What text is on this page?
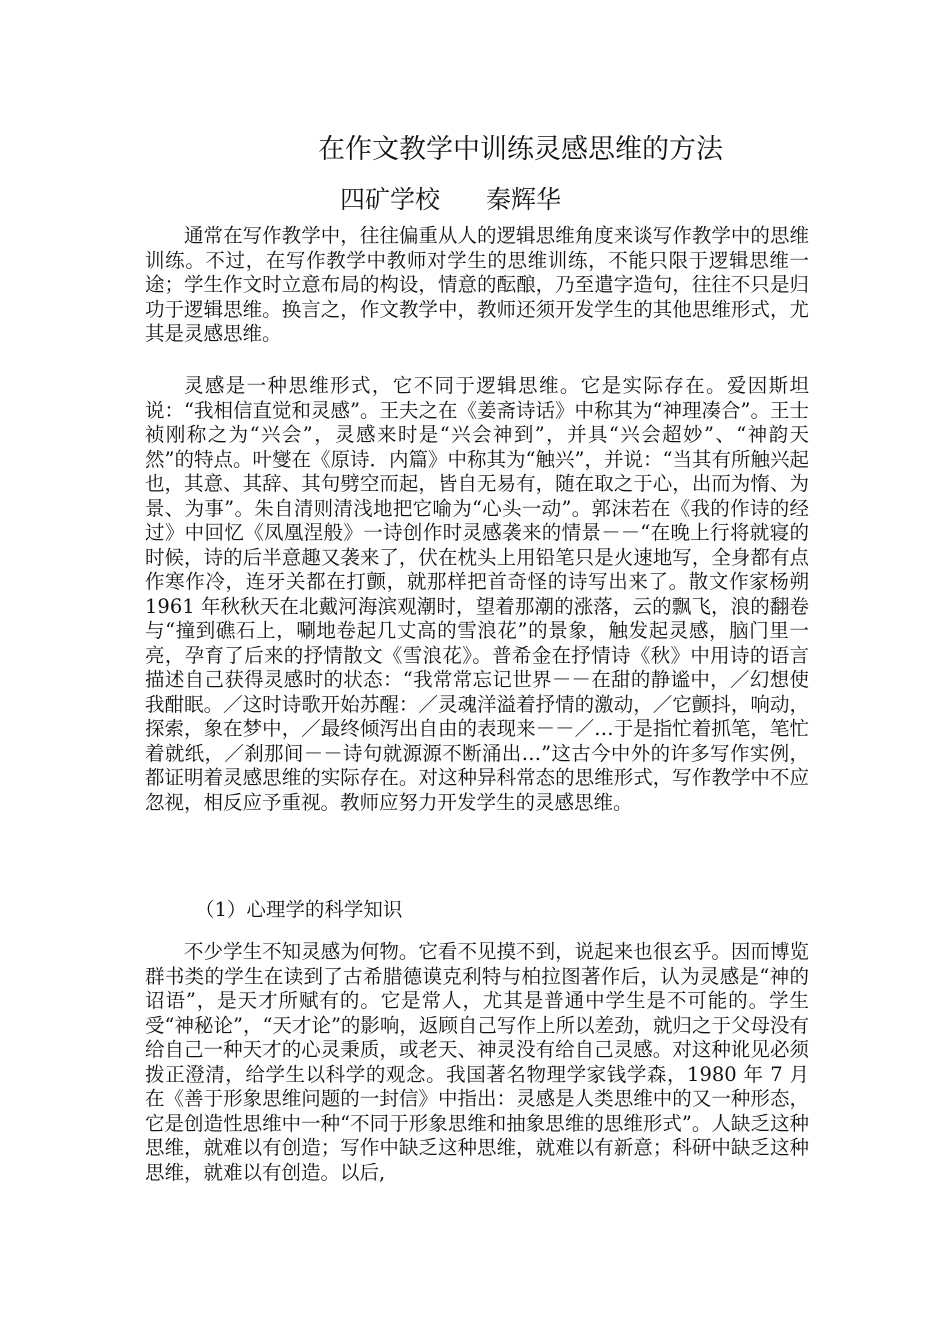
在作文教学中训练灵感思维的方法
四矿学校 秦辉华

通常在写作教学中，往往偏重从人的逻辑思维角度来谈写作教学中的思维训练。不过，在写作教学中教师对学生的思维训练，不能只限于逻辑思维一途；学生作文时立意布局的构设，情意的酝酿，乃至遣字造句，往往不只是归功于逻辑思维。换言之，作文教学中，教师还须开发学生的其他思维形式，尤其是灵感思维。

灵感是一种思维形式，它不同于逻辑思维。它是实际存在。爱因斯坦说：“我相信直觉和灵感”。王夫之在《姜斋诗话》中称其为“神理凑合”。王士祯刚称之为“兴会”，灵感来时是“兴会神到”，并具“兴会超妙”、“神韵天然”的特点。叶燮在《原诗．内篇》中称其为“触兴”，并说：“当其有所触兴起也，其意、其辞、其句劈空而起，皆自无易有，随在取之于心，出而为惰、为景、为事”。朱自清则清浅地把它喻为“心头一动”。郭沫若在《我的作诗的经过》中回忆《凤凰涅般》一诗创作时灵感袭来的情景－－“在晚上行将就寝的时候，诗的后半意趣又袭来了，伏在枕头上用铅笔只是火速地写，全身都有点作寒作冷，连牙关都在打颤，就那样把首奇怪的诗写出来了。散文作家杨朔 1961 年秋秋天在北戴河海滨观潮时，望着那潮的涨落，云的飘飞，浪的翻卷与“撞到礁石上，唰地卷起几丈高的雪浪花”的景象，触发起灵感，脑门里一亮，孕育了后来的抒情散文《雪浪花》。普希金在抒情诗《秋》中用诗的语言描述自己获得灵感时的状态：“我常常忘记世界－－在甜的静谧中，／幻想使我酣眠。／这时诗歌开始苏醒：／灵魂洋溢着抒情的激动，／它颤抖，响动，探索，象在梦中，／最终倾泻出自由的表现来－－／…于是指忙着抓笔，笔忙着就纸，／刹那间－－诗句就源源不断涌出…”这古今中外的许多写作实例，都证明着灵感思维的实际存在。对这种异科常态的思维形式，写作教学中不应忽视，相反应予重视。教师应努力开发学生的灵感思维。

（1）心理学的科学知识

不少学生不知灵感为何物。它看不见摸不到，说起来也很玄乎。因而博览群书类的学生在读到了古希腊德谟克利特与柏拉图著作后，认为灵感是“神的诏语”，是天才所赋有的。它是常人，尤其是普通中学生是不可能的。学生受“神秘论”，“天才论”的影响，返顾自己写作上所以差劲，就归之于父母没有给自己一种天才的心灵秉质，或老天、神灵没有给自己灵感。对这种讹见必须拨正澄清，给学生以科学的观念。我国著名物理学家钱学森，1980 年 7 月在《善于形象思维问题的一封信》中指出：灵感是人类思维中的又一种形态，它是创造性思维中一种“不同于形象思维和抽象思维的思维形式”。人缺乏这种思维，就难以有创造；写作中缺乏这种思维，就难以有新意；科研中缺乏这种思维，就难以有创造。以后,
